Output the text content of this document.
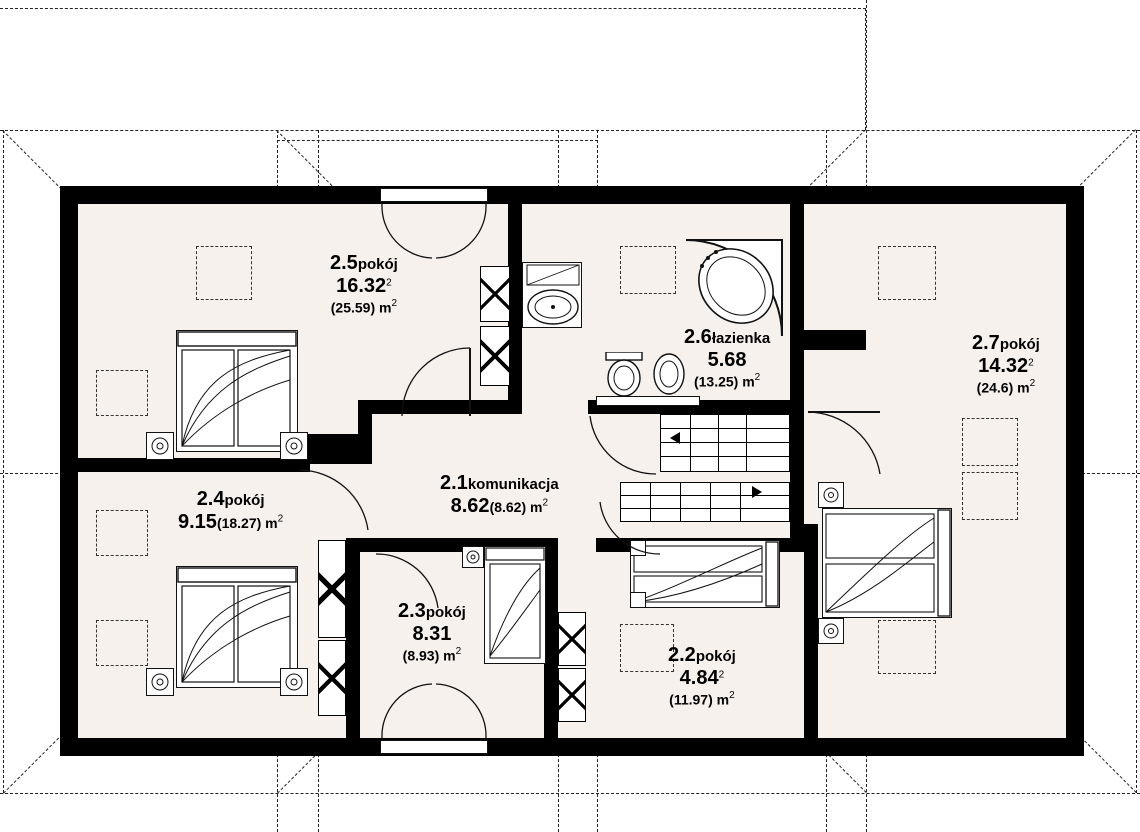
2.5pokój
16.32$^2$
(25.59) $m^2$
2.6łazienka
5.68
(13.25) $m^2$
2.7pokój
14.32$^2$
(24.6) $m^2$
2.1komunikacja
8.62(8.62) $m^2$
2.4pokój
9.15(18.27) $m^2$
2.3pokój
8.31
(8.93) $m^2$	2.2pokój
4.84$^2$
(11.97) $m^2$
